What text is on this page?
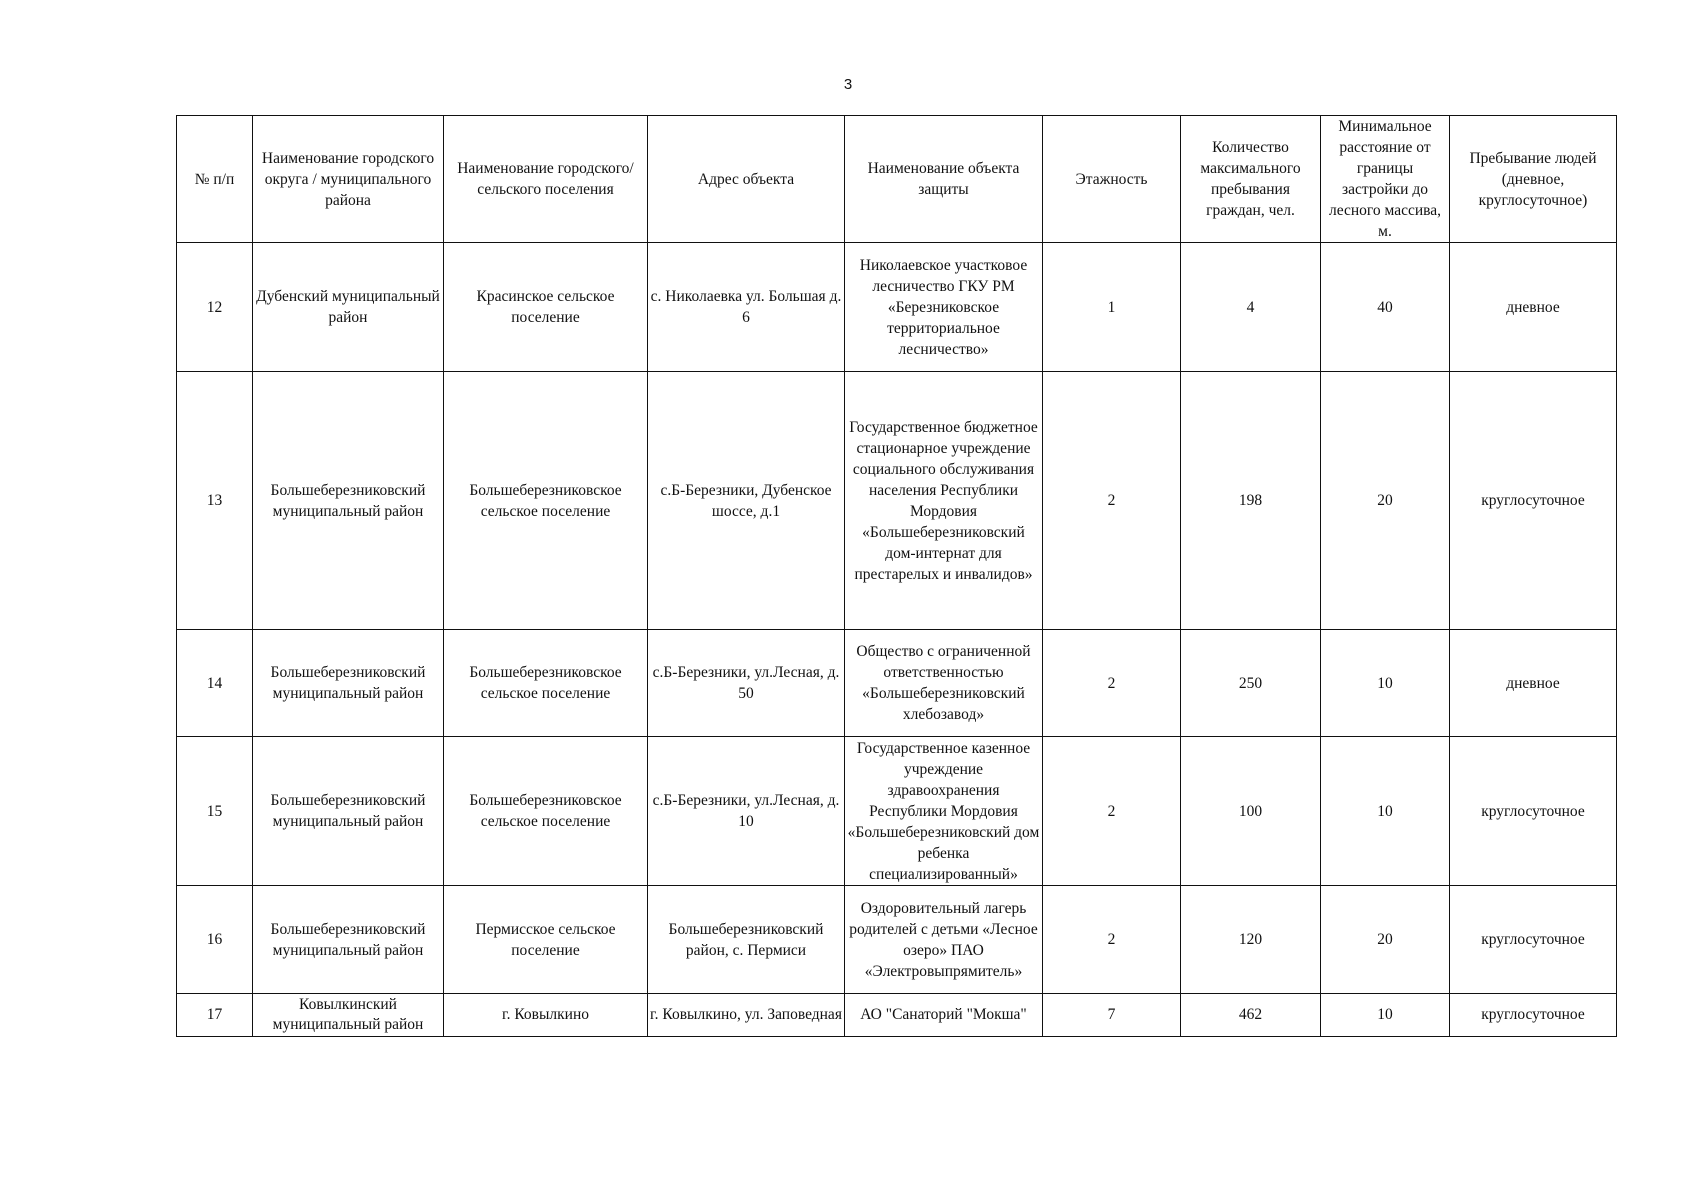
3
№ п/п	Наименование городского округа / муниципального района	Наименование городского/ сельского поселения	Адрес объекта	Наименование объекта защиты	Этажность	Количество максимального пребывания граждан, чел.	Минимальное расстояние от границы застройки до лесного массива, м.	Пребывание людей (дневное, круглосуточное)
12	Дубенский муниципальный район	Красинское сельское поселение	с. Николаевка ул. Большая д. 6	Николаевское участковое лесничество ГКУ РМ «Березниковское территориальное лесничество»	1	4	40	дневное
13	Большеберезниковский муниципальный район	Большеберезниковское сельское поселение	с.Б-Березники, Дубенское шоссе, д.1	Государственное бюджетное стационарное учреждение социального обслуживания населения Республики Мордовия «Большеберезниковский дом-интернат для престарелых и инвалидов»	2	198	20	круглосуточное
14	Большеберезниковский муниципальный район	Большеберезниковское сельское поселение	с.Б-Березники, ул.Лесная, д. 50	Общество с ограниченной ответственностью «Большеберезниковский хлебозавод»	2	250	10	дневное
15	Большеберезниковский муниципальный район	Большеберезниковское сельское поселение	с.Б-Березники, ул.Лесная, д. 10	Государственное казенное учреждение здравоохранения Республики Мордовия «Большеберезниковский дом ребенка специализированный»	2	100	10	круглосуточное
16	Большеберезниковский муниципальный район	Пермисское сельское поселение	Большеберезниковский район, с. Пермиси	Оздоровительный лагерь родителей с детьми «Лесное озеро» ПАО «Электровыпрямитель»	2	120	20	круглосуточное
17	Ковылкинский муниципальный район	г. Ковылкино	г. Ковылкино, ул. Заповедная	АО "Санаторий "Мокша"	7	462	10	круглосуточное
